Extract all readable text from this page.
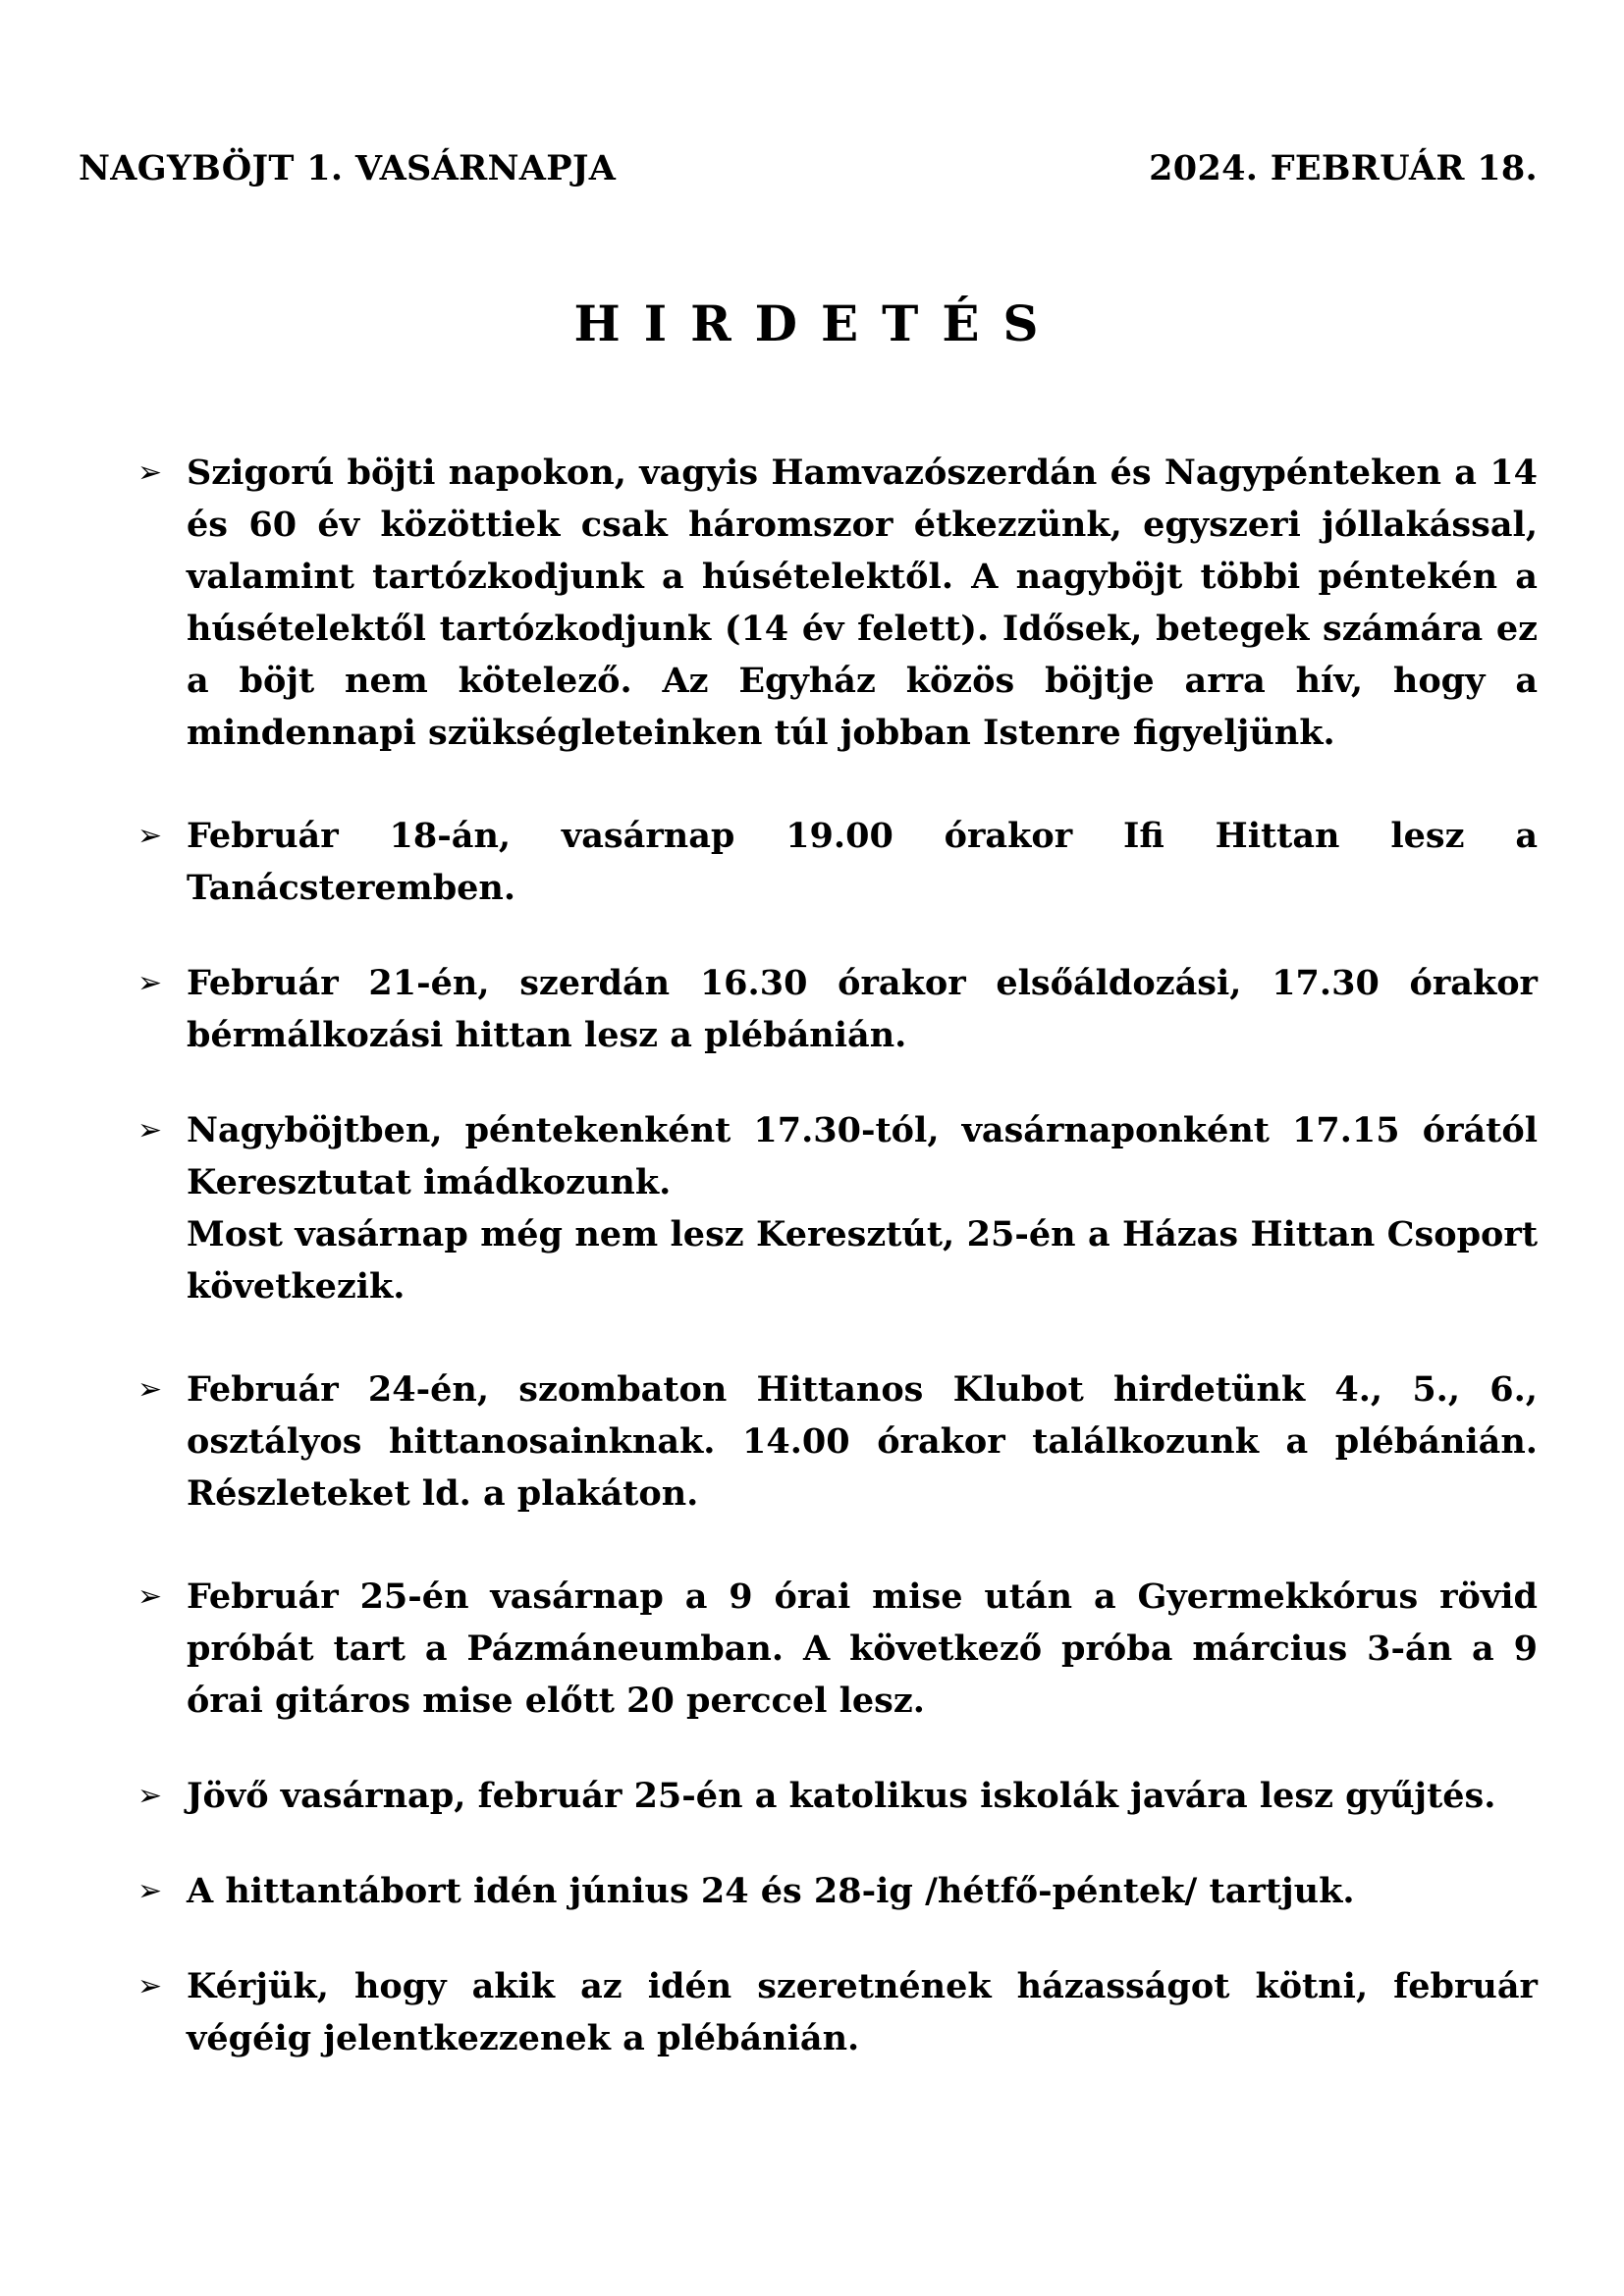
NAGYBÖJT 1. VASÁRNAPJA	2024. FEBRUÁR 18.
HIRDETÉS
➢ Szigorú böjti napokon, vagyis Hamvazószerdán és Nagypénteken a 14 és 60 év közöttiek csak háromszor étkezzünk, egyszeri jóllakással, valamint tartózkodjunk a húsételektől. A nagyböjt többi péntekén a húsételektől tartózkodjunk (14 év felett). Idősek, betegek számára ez a böjt nem kötelező. Az Egyház közös böjtje arra hív, hogy a mindennapi szükségleteinken túl jobban Istenre figyeljünk.
➢ Február 18-án, vasárnap 19.00 órakor Ifi Hittan lesz a Tanácsteremben.
➢ Február 21-én, szerdán 16.30 órakor elsőáldozási, 17.30 órakor bérmálkozási hittan lesz a plébánián.
➢ Nagyböjtben, péntekenként 17.30-tól, vasárnaponként 17.15 órától Keresztutat imádkozunk.
Most vasárnap még nem lesz Keresztút, 25-én a Házas Hittan Csoport következik.
➢ Február 24-én, szombaton Hittanos Klubot hirdetünk 4., 5., 6., osztályos hittanosainknak. 14.00 órakor találkozunk a plébánián. Részleteket ld. a plakáton.
➢ Február 25-én vasárnap a 9 órai mise után a Gyermekkórus rövid próbát tart a Pázmáneumban. A következő próba március 3-án a 9 órai gitáros mise előtt 20 perccel lesz.
➢ Jövő vasárnap, február 25-én a katolikus iskolák javára lesz gyűjtés.
➢ A hittantábort idén június 24 és 28-ig /hétfő-péntek/ tartjuk.
➢ Kérjük, hogy akik az idén szeretnének házasságot kötni, február végéig jelentkezzenek a plébánián.
